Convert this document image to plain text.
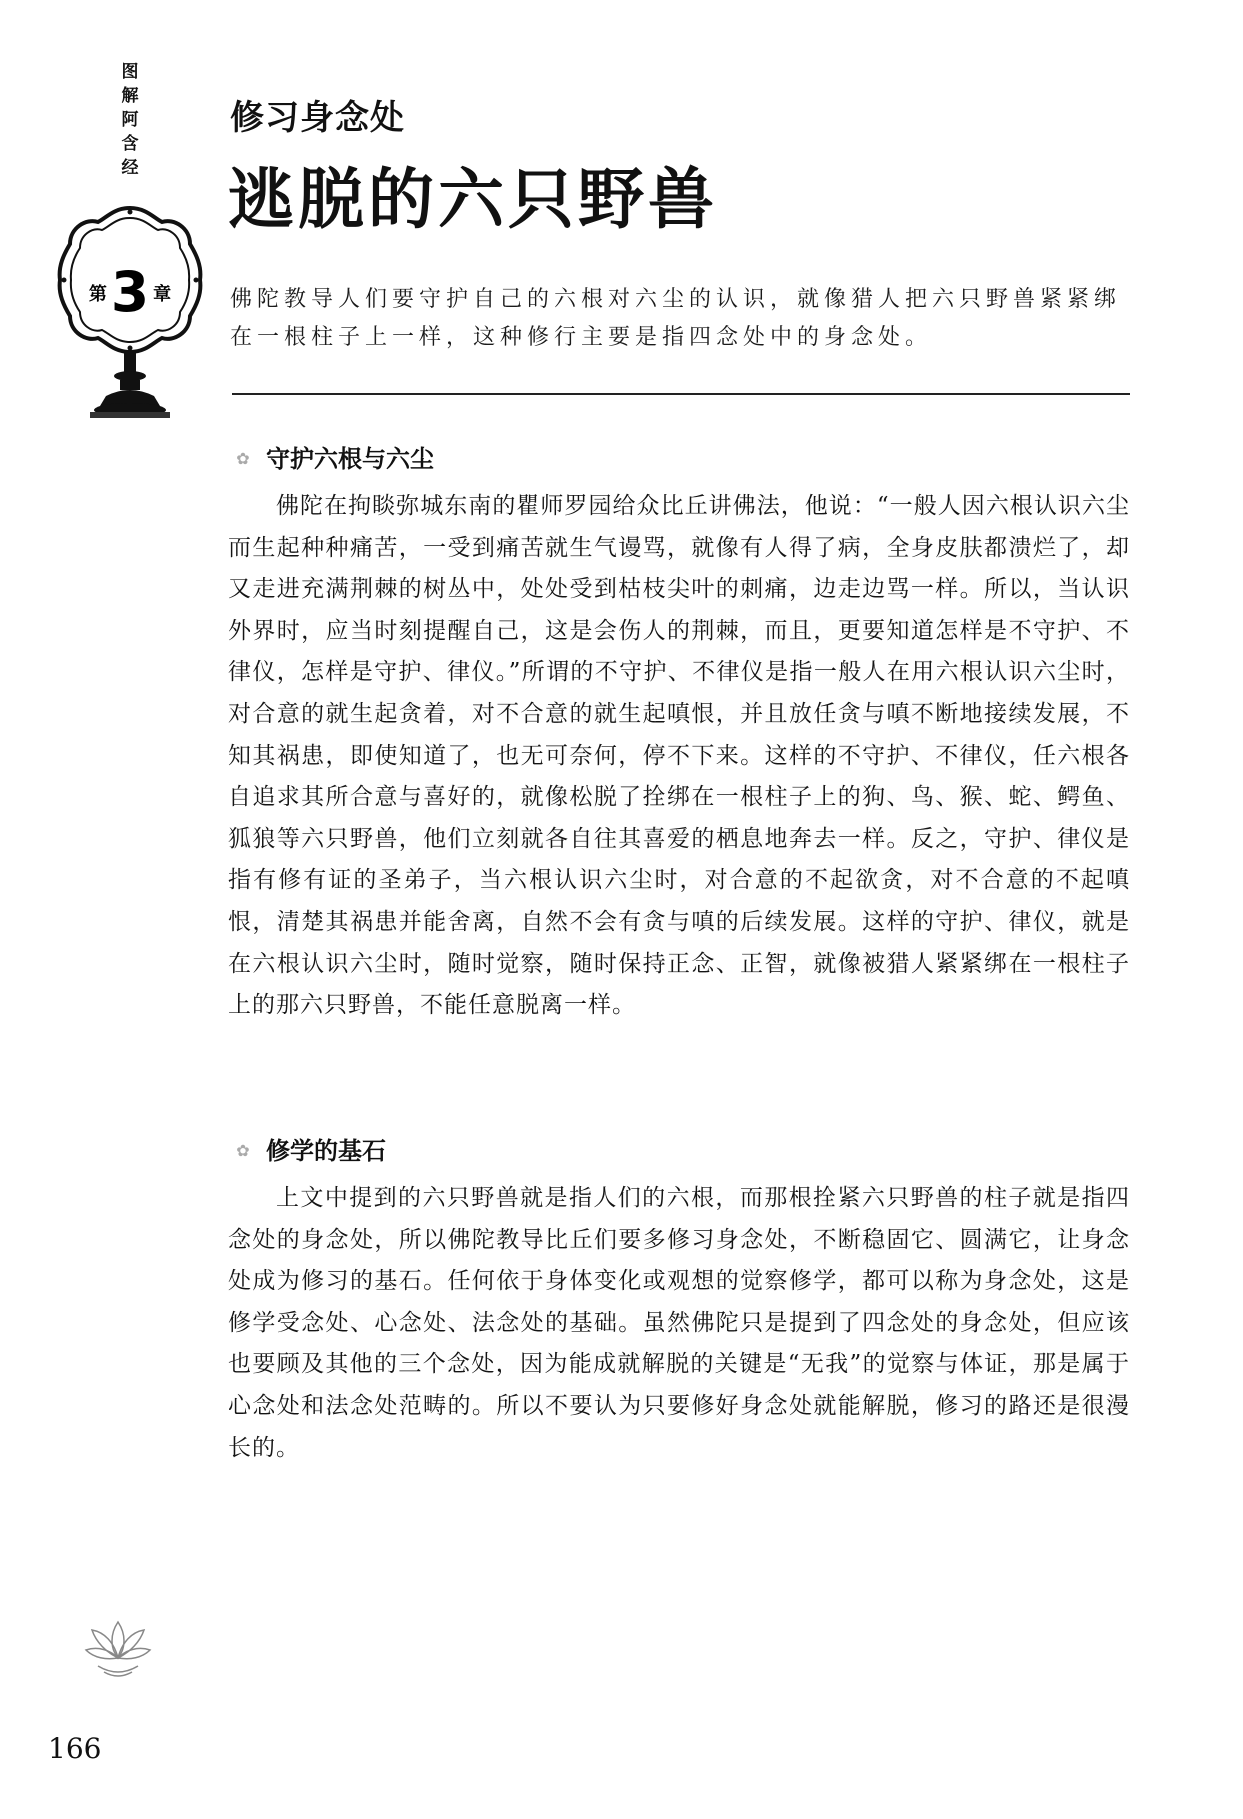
图
解
阿
含
经
第3 章
修习身念处
逃脱的六只野兽
佛陀教导人们要守护自己的六根对六尘的认识，就像猎人把六只野兽紧紧绑在一根柱子上一样，这种修行主要是指四念处中的身念处。
✿ 守护六根与六尘

佛陀在拘睒弥城东南的瞿师罗园给众比丘讲佛法，他说：“一般人因六根认识六尘而生起种种痛苦，一受到痛苦就生气谩骂，就像有人得了病，全身皮肤都溃烂了，却又走进充满荆棘的树丛中，处处受到枯枝尖叶的刺痛，边走边骂一样。所以，当认识外界时，应当时刻提醒自己，这是会伤人的荆棘，而且，更要知道怎样是不守护、不律仪，怎样是守护、律仪。”所谓的不守护、不律仪是指一般人在用六根认识六尘时，对合意的就生起贪着，对不合意的就生起嗔恨，并且放任贪与嗔不断地接续发展，不知其祸患，即使知道了，也无可奈何，停不下来。这样的不守护、不律仪，任六根各自追求其所合意与喜好的，就像松脱了拴绑在一根柱子上的狗、鸟、猴、蛇、鳄鱼、狐狼等六只野兽，他们立刻就各自往其喜爱的栖息地奔去一样。反之，守护、律仪是指有修有证的圣弟子，当六根认识六尘时，对合意的不起欲贪，对不合意的不起嗔恨，清楚其祸患并能舍离，自然不会有贪与嗔的后续发展。这样的守护、律仪，就是在六根认识六尘时，随时觉察，随时保持正念、正智，就像被猎人紧紧绑在一根柱子上的那六只野兽，不能任意脱离一样。

✿ 修学的基石

上文中提到的六只野兽就是指人们的六根，而那根拴紧六只野兽的柱子就是指四念处的身念处，所以佛陀教导比丘们要多修习身念处，不断稳固它、圆满它，让身念处成为修习的基石。任何依于身体变化或观想的觉察修学，都可以称为身念处，这是修学受念处、心念处、法念处的基础。虽然佛陀只是提到了四念处的身念处，但应该也要顾及其他的三个念处，因为能成就解脱的关键是“无我”的觉察与体证，那是属于心念处和法念处范畴的。所以不要认为只要修好身念处就能解脱，修习的路还是很漫长的。

166
